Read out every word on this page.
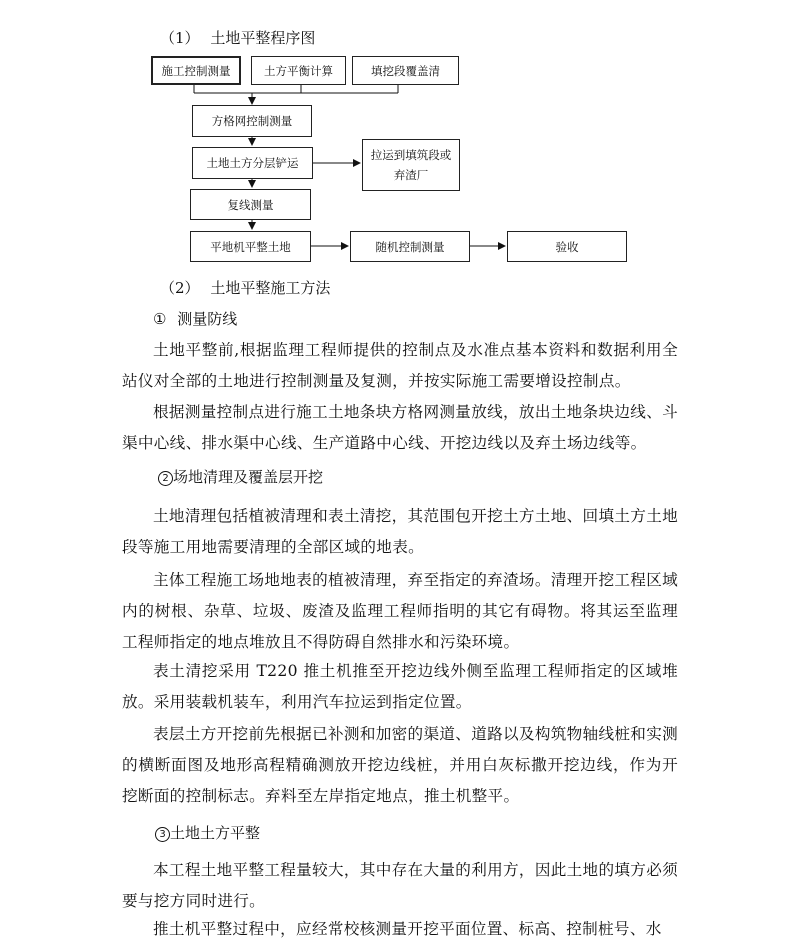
（1） 土地平整程序图
施工控制测量	土方平衡计算	填挖段覆盖清
方格网控制测量
土地土方分层铲运
拉运到填筑段或弃渣厂
复线测量
平地机平整土地	随机控制测量	验收
（2） 土地平整施工方法
① 测量防线
土地平整前,根据监理工程师提供的控制点及水准点基本资料和数据利用全站仪对全部的土地进行控制测量及复测，并按实际施工需要增设控制点。
根据测量控制点进行施工土地条块方格网测量放线，放出土地条块边线、斗渠中心线、排水渠中心线、生产道路中心线、开挖边线以及弃土场边线等。
2 场地清理及覆盖层开挖
土地清理包括植被清理和表土清挖，其范围包开挖土方土地、回填土方土地段等施工用地需要清理的全部区域的地表。
主体工程施工场地地表的植被清理，弃至指定的弃渣场。清理开挖工程区域内的树根、杂草、垃圾、废渣及监理工程师指明的其它有碍物。将其运至监理工程师指定的地点堆放且不得防碍自然排水和污染环境。
表土清挖采用 T220 推土机推至开挖边线外侧至监理工程师指定的区域堆放。采用装载机装车，利用汽车拉运到指定位置。
表层土方开挖前先根据已补测和加密的渠道、道路以及构筑物轴线桩和实测的横断面图及地形高程精确测放开挖边线桩，并用白灰标撒开挖边线，作为开挖断面的控制标志。弃料至左岸指定地点，推土机整平。
3 土地土方平整
本工程土地平整工程量较大，其中存在大量的利用方，因此土地的填方必须要与挖方同时进行。
推土机平整过程中，应经常校核测量开挖平面位置、标高、控制桩号、水
